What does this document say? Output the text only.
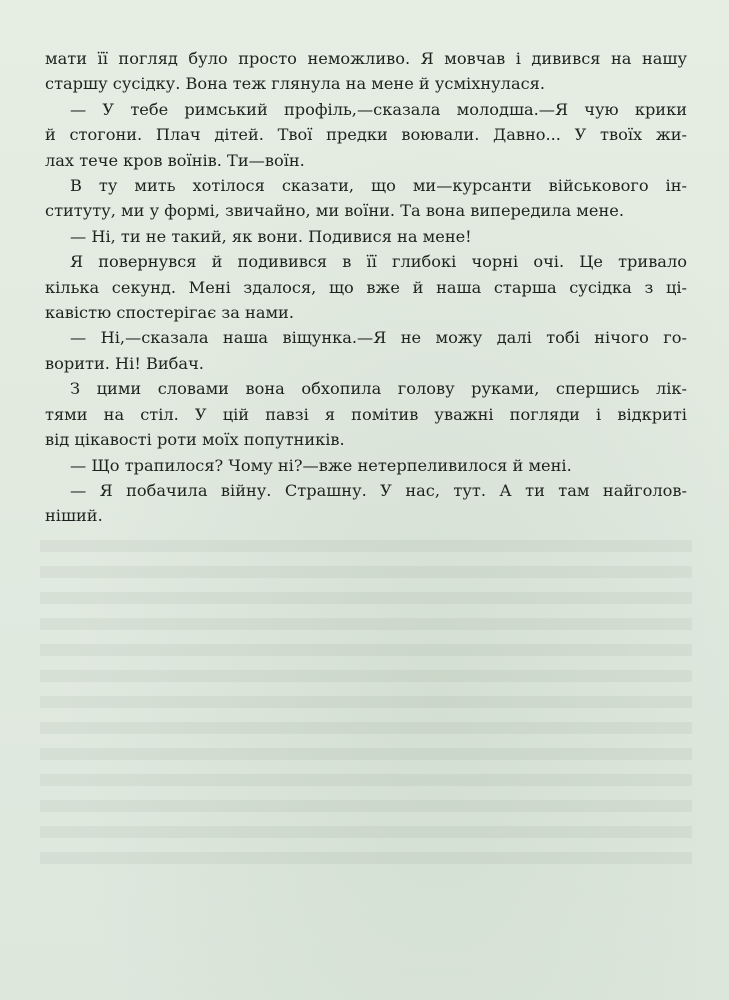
мати її погляд було просто неможливо. Я мовчав і дивився на нашу
старшу сусідку. Вона теж глянула на мене й усміхнулася.
— У тебе римський профіль,—сказала молодша.—Я чую крики
й стогони. Плач дітей. Твої предки воювали. Давно... У твоїх жи-
лах тече кров воїнів. Ти—воїн.
В ту мить хотілося сказати, що ми—курсанти військового ін-
ституту, ми у формі, звичайно, ми воїни. Та вона випередила мене.
— Ні, ти не такий, як вони. Подивися на мене!
Я повернувся й подивився в її глибокі чорні очі. Це тривало
кілька секунд. Мені здалося, що вже й наша старша сусідка з ці-
кавістю спостерігає за нами.
— Ні,—сказала наша віщунка.—Я не можу далі тобі нічого го-
ворити. Ні! Вибач.
З цими словами вона обхопила голову руками, спершись лік-
тями на стіл. У цій павзі я помітив уважні погляди і відкриті
від цікавості роти моїх попутників.
— Що трапилося? Чому ні?—вже нетерпеливилося й мені.
— Я побачила війну. Страшну. У нас, тут. А ти там найголов-
ніший.
